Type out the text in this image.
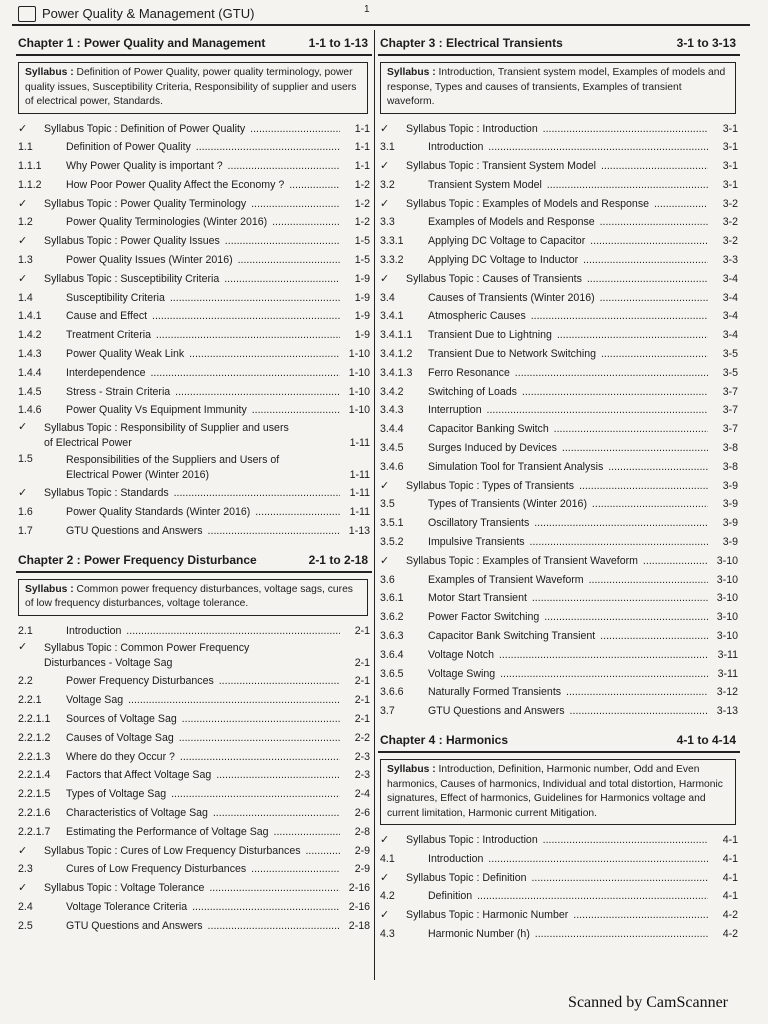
Power Quality & Management (GTU)	1
Chapter 1 : Power Quality and Management	1-1 to 1-13
Syllabus : Definition of Power Quality, power quality terminology, power quality issues, Susceptibility Criteria, Responsibility of supplier and users of electrical power, Standards.
✓ Syllabus Topic : Definition of Power Quality .....	1-1
1.1	Definition of Power Quality .....	1-1
1.1.1	Why Power Quality is important ? .....	1-1
1.1.2	How Poor Power Quality Affect the Economy ? .....	1-2
✓ Syllabus Topic : Power Quality Terminology .....	1-2
1.2	Power Quality Terminologies (Winter 2016) .....	1-2
✓ Syllabus Topic : Power Quality Issues .....	1-5
1.3	Power Quality Issues (Winter 2016) .....	1-5
✓ Syllabus Topic : Susceptibility Criteria .....	1-9
1.4	Susceptibility Criteria .....	1-9
1.4.1	Cause and Effect .....	1-9
1.4.2	Treatment Criteria .....	1-9
1.4.3	Power Quality Weak Link .....	1-10
1.4.4	Interdependence .....	1-10
1.4.5	Stress - Strain Criteria .....	1-10
1.4.6	Power Quality Vs Equipment Immunity .....	1-10
✓ Syllabus Topic : Responsibility of Supplier and users
of Electrical Power .....	1-11
1.5	Responsibilities of the Suppliers and Users of
Electrical Power (Winter 2016) .....	1-11
✓ Syllabus Topic : Standards .....	1-11
1.6	Power Quality Standards (Winter 2016) .....	1-11
1.7	GTU Questions and Answers .....	1-13
Chapter 2 : Power Frequency Disturbance	2-1 to 2-18
Syllabus : Common power frequency disturbances, voltage sags, cures of low frequency disturbances, voltage tolerance.
2.1	Introduction .....	2-1
✓ Syllabus Topic : Common Power Frequency
Disturbances - Voltage Sag .....	2-1
2.2	Power Frequency Disturbances .....	2-1
2.2.1	Voltage Sag .....	2-1
2.2.1.1	Sources of Voltage Sag .....	2-1
2.2.1.2	Causes of Voltage Sag .....	2-2
2.2.1.3	Where do they Occur ? .....	2-3
2.2.1.4	Factors that Affect Voltage Sag .....	2-3
2.2.1.5	Types of Voltage Sag .....	2-4
2.2.1.6	Characteristics of Voltage Sag .....	2-6
2.2.1.7	Estimating the Performance of Voltage Sag .....	2-8
✓ Syllabus Topic : Cures of Low Frequency Disturbances .....	2-9
2.3	Cures of Low Frequency Disturbances .....	2-9
✓ Syllabus Topic : Voltage Tolerance .....	2-16
2.4	Voltage Tolerance Criteria .....	2-16
2.5	GTU Questions and Answers .....	2-18
Chapter 3 : Electrical Transients	3-1 to 3-13
Syllabus : Introduction, Transient system model, Examples of models and response, Types and causes of transients, Examples of transient waveform.
✓ Syllabus Topic : Introduction .....	3-1
3.1	Introduction .....	3-1
✓ Syllabus Topic : Transient System Model .....	3-1
3.2	Transient System Model .....	3-1
✓ Syllabus Topic : Examples of Models and Response .....	3-2
3.3	Examples of Models and Response .....	3-2
3.3.1	Applying DC Voltage to Capacitor .....	3-2
3.3.2	Applying DC Voltage to Inductor .....	3-3
✓ Syllabus Topic : Causes of Transients .....	3-4
3.4	Causes of Transients (Winter 2016) .....	3-4
3.4.1	Atmospheric Causes .....	3-4
3.4.1.1	Transient Due to Lightning .....	3-4
3.4.1.2	Transient Due to Network Switching .....	3-5
3.4.1.3	Ferro Resonance .....	3-5
3.4.2	Switching of Loads .....	3-7
3.4.3	Interruption .....	3-7
3.4.4	Capacitor Banking Switch .....	3-7
3.4.5	Surges Induced by Devices .....	3-8
3.4.6	Simulation Tool for Transient Analysis .....	3-8
✓ Syllabus Topic : Types of Transients .....	3-9
3.5	Types of Transients (Winter 2016) .....	3-9
3.5.1	Oscillatory Transients .....	3-9
3.5.2	Impulsive Transients .....	3-9
✓ Syllabus Topic : Examples of Transient Waveform .....	3-10
3.6	Examples of Transient Waveform .....	3-10
3.6.1	Motor Start Transient .....	3-10
3.6.2	Power Factor Switching .....	3-10
3.6.3	Capacitor Bank Switching Transient .....	3-10
3.6.4	Voltage Notch .....	3-11
3.6.5	Voltage Swing .....	3-11
3.6.6	Naturally Formed Transients .....	3-12
3.7	GTU Questions and Answers .....	3-13
Chapter 4 : Harmonics	4-1 to 4-14
Syllabus : Introduction, Definition, Harmonic number, Odd and Even harmonics, Causes of harmonics, Individual and total distortion, Harmonic signatures, Effect of harmonics, Guidelines for Harmonics voltage and current limitation, Harmonic current Mitigation.
✓ Syllabus Topic : Introduction .....	4-1
4.1	Introduction .....	4-1
✓ Syllabus Topic : Definition .....	4-1
4.2	Definition .....	4-1
✓ Syllabus Topic : Harmonic Number .....	4-2
4.3	Harmonic Number (h) .....	4-2
Scanned by CamScanner
